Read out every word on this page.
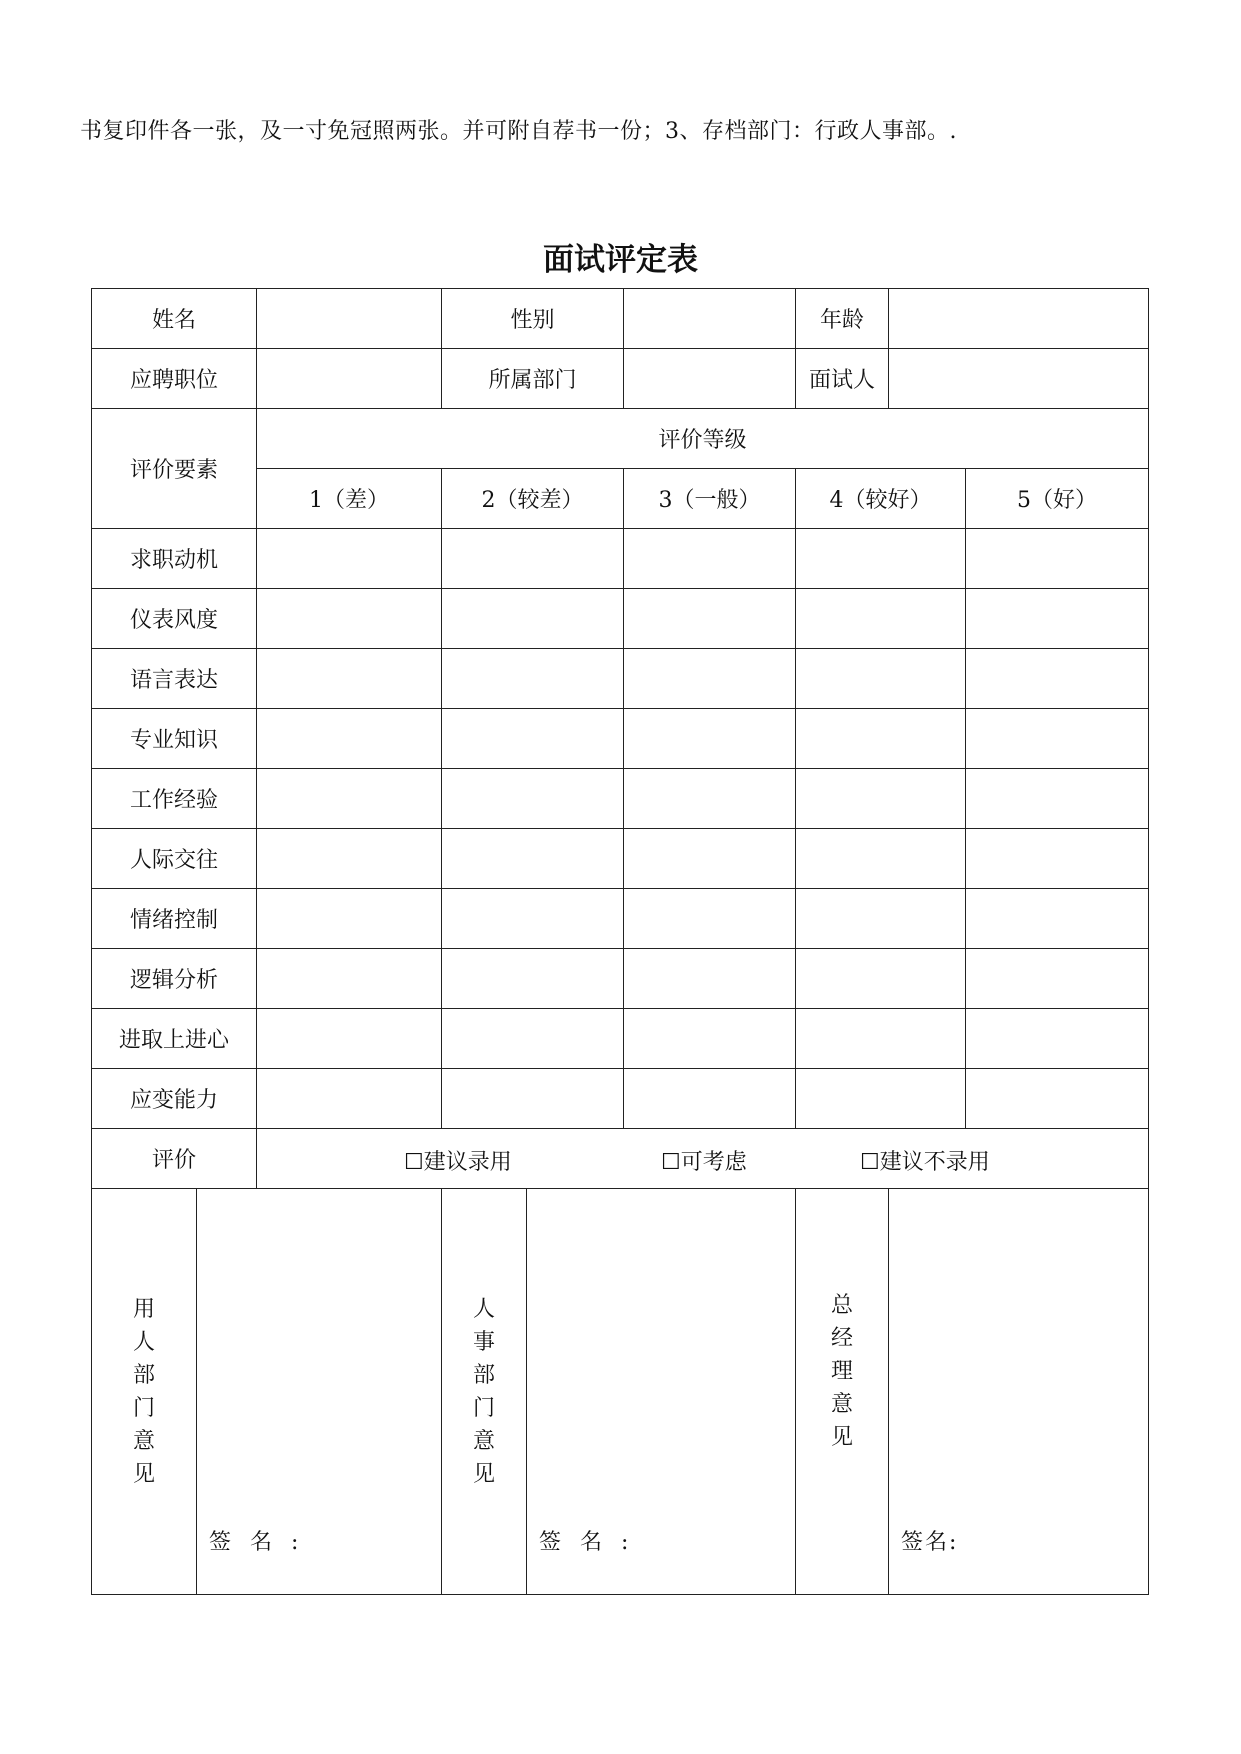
书复印件各一张，及一寸免冠照两张。并可附自荐书一份；3、存档部门：行政人事部。.
面试评定表
姓名			性别			年龄		
应聘职位			所属部门			面试人		
评价要素		评价等级						
		1（差）	2（较差）		3（一般）	4（较好）		5（好）
求职动机								
仪表风度								
语言表达								
专业知识								
工作经验								
人际交往								
情绪控制								
逻辑分析								
进取上进心								
应变能力								
评价		☐建议录用 ☐可考虑 ☐建议不录用						

用人部门意见	签 名 :		人事部门意见	签 名 :		总经理意见	签名:	
